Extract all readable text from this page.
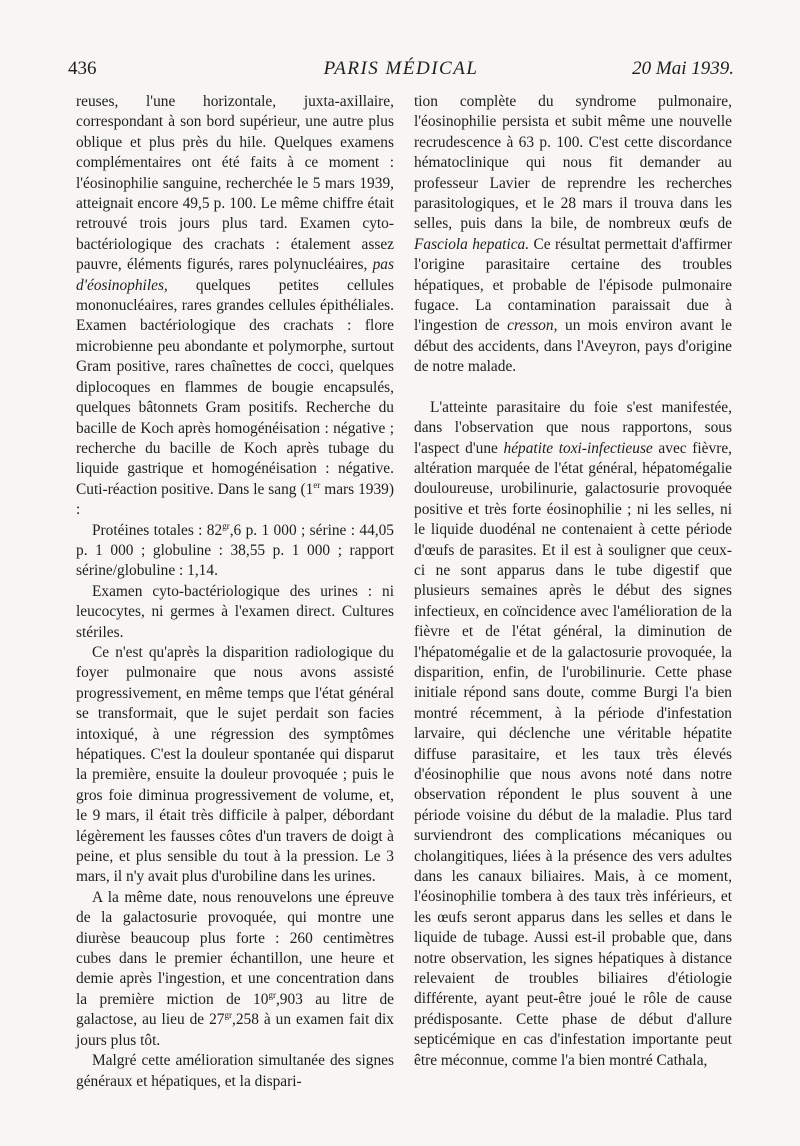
436	PARIS MÉDICAL	20 Mai 1939.

reuses, l'une horizontale, juxta-axillaire, correspondant à son bord supérieur, une autre plus oblique et plus près du hile. Quelques examens complémentaires ont été faits à ce moment : l'éosinophilie sanguine, recherchée le 5 mars 1939, atteignait encore 49,5 p. 100. Le même chiffre était retrouvé trois jours plus tard. Examen cyto-bactériologique des crachats : étalement assez pauvre, éléments figurés, rares polynucléaires, pas d'éosinophiles, quelques petites cellules mononucléaires, rares grandes cellules épithéliales. Examen bactériologique des crachats : flore microbienne peu abondante et polymorphe, surtout Gram positive, rares chaînettes de cocci, quelques diplocoques en flammes de bougie encapsulés, quelques bâtonnets Gram positifs. Recherche du bacille de Koch après homogénéisation : négative ; recherche du bacille de Koch après tubage du liquide gastrique et homogénéisation : négative. Cuti-réaction positive. Dans le sang (1er mars 1939) :

Protéines totales : $82^{gr},6$ p. 1 000 ; sérine : 44,05 p. 1 000 ; globuline : 38,55 p. 1 000 ; rapport sérine/globuline : 1,14.

Examen cyto-bactériologique des urines : ni leucocytes, ni germes à l'examen direct. Cultures stériles.

Ce n'est qu'après la disparition radiologique du foyer pulmonaire que nous avons assisté progressivement, en même temps que l'état général se transformait, que le sujet perdait son facies intoxiqué, à une régression des symptômes hépatiques. C'est la douleur spontanée qui disparut la première, ensuite la douleur provoquée ; puis le gros foie diminua progressivement de volume, et, le 9 mars, il était très difficile à palper, débordant légèrement les fausses côtes d'un travers de doigt à peine, et plus sensible du tout à la pression. Le 3 mars, il n'y avait plus d'urobiline dans les urines.

A la même date, nous renouvelons une épreuve de la galactosurie provoquée, qui montre une diurèse beaucoup plus forte : 260 centimètres cubes dans le premier échantillon, une heure et demie après l'ingestion, et une concentration dans la première miction de $10^{gr},903$ au litre de galactose, au lieu de $27^{gr},258$ à un examen fait dix jours plus tôt.

Malgré cette amélioration simultanée des signes généraux et hépatiques, et la dispari-

tion complète du syndrome pulmonaire, l'éosinophilie persista et subit même une nouvelle recrudescence à 63 p. 100. C'est cette discordance hématoclinique qui nous fit demander au professeur Lavier de reprendre les recherches parasitologiques, et le 28 mars il trouva dans les selles, puis dans la bile, de nombreux œufs de Fasciola hepatica. Ce résultat permettait d'affirmer l'origine parasitaire certaine des troubles hépatiques, et probable de l'épisode pulmonaire fugace. La contamination paraissait due à l'ingestion de cresson, un mois environ avant le début des accidents, dans l'Aveyron, pays d'origine de notre malade.

L'atteinte parasitaire du foie s'est manifestée, dans l'observation que nous rapportons, sous l'aspect d'une hépatite toxi-infectieuse avec fièvre, altération marquée de l'état général, hépatomégalie douloureuse, urobilinurie, galactosurie provoquée positive et très forte éosinophilie ; ni les selles, ni le liquide duodénal ne contenaient à cette période d'œufs de parasites. Et il est à souligner que ceux-ci ne sont apparus dans le tube digestif que plusieurs semaines après le début des signes infectieux, en coïncidence avec l'amélioration de la fièvre et de l'état général, la diminution de l'hépatomégalie et de la galactosurie provoquée, la disparition, enfin, de l'urobilinurie. Cette phase initiale répond sans doute, comme Burgi l'a bien montré récemment, à la période d'infestation larvaire, qui déclenche une véritable hépatite diffuse parasitaire, et les taux très élevés d'éosinophilie que nous avons noté dans notre observation répondent le plus souvent à une période voisine du début de la maladie. Plus tard surviendront des complications mécaniques ou cholangitiques, liées à la présence des vers adultes dans les canaux biliaires. Mais, à ce moment, l'éosinophilie tombera à des taux très inférieurs, et les œufs seront apparus dans les selles et dans le liquide de tubage. Aussi est-il probable que, dans notre observation, les signes hépatiques à distance relevaient de troubles biliaires d'étiologie différente, ayant peut-être joué le rôle de cause prédisposante. Cette phase de début d'allure septicémique en cas d'infestation importante peut être méconnue, comme l'a bien montré Cathala,
